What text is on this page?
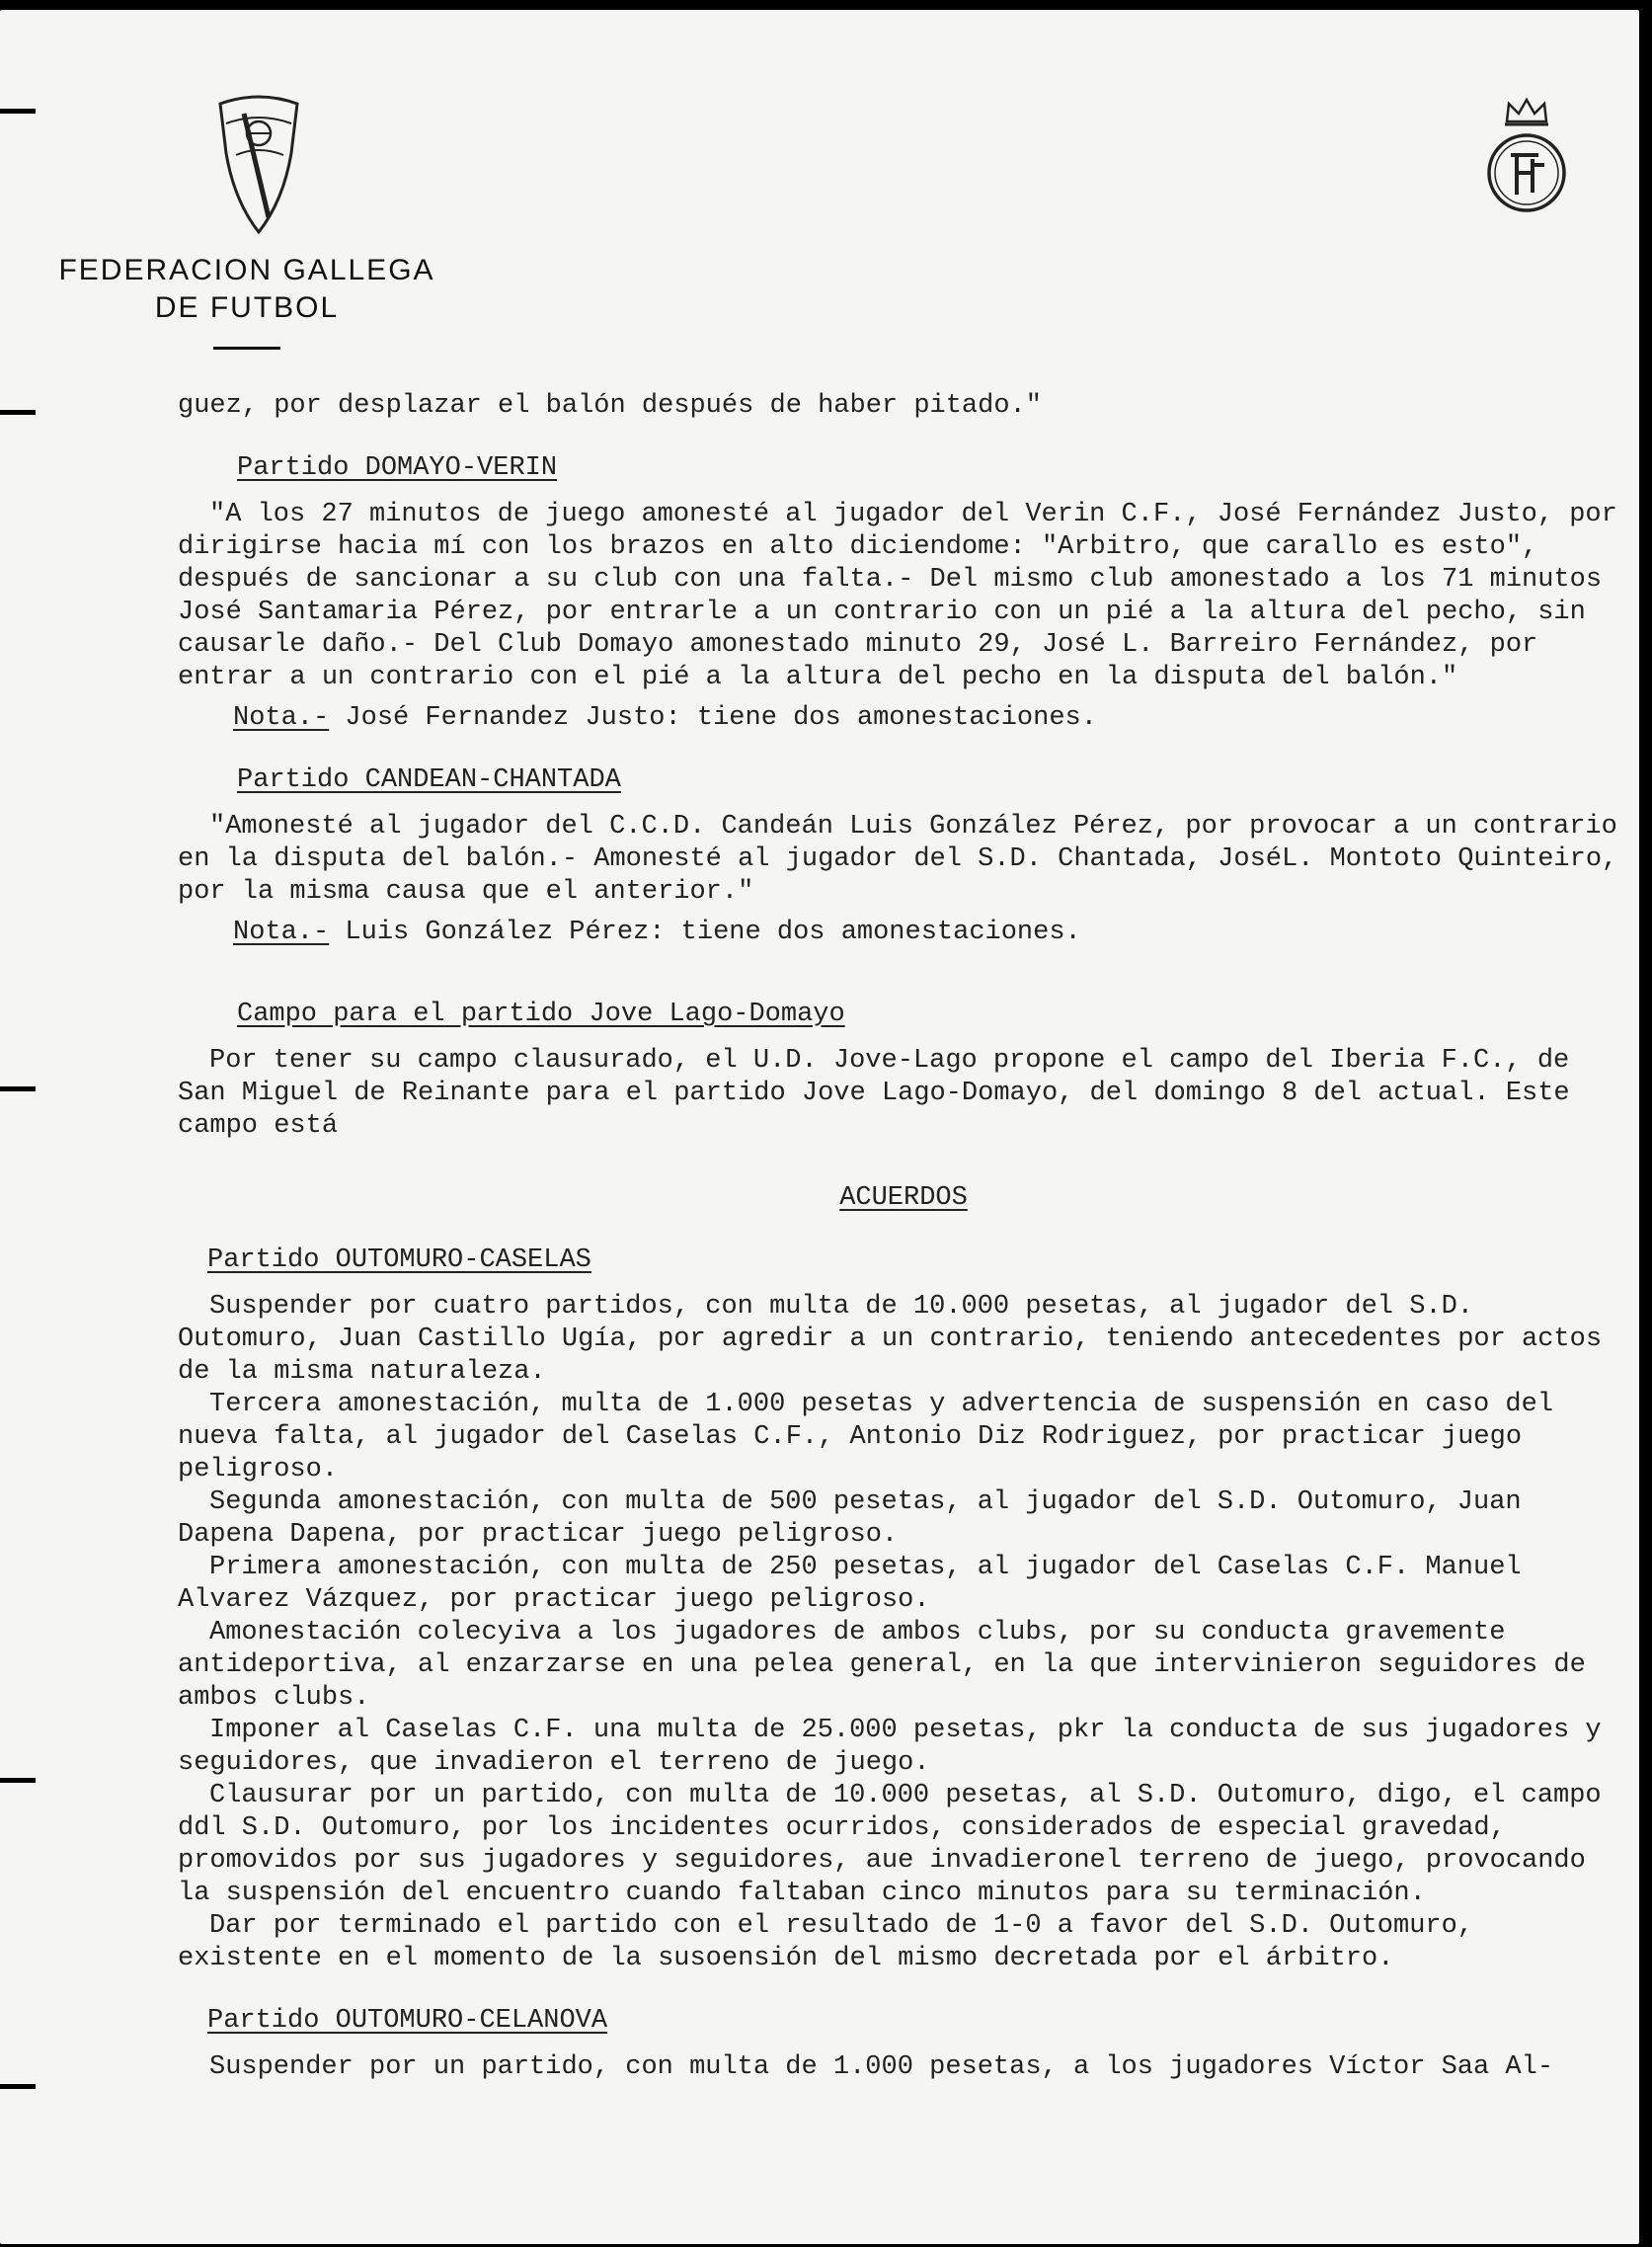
FEDERACION GALLEGA
DE FUTBOL

guez, por desplazar el balón después de haber pitado."

Partido DOMAYO-VERIN

"A los 27 minutos de juego amonesté al jugador del Verin C.F., José Fernández Justo, por dirigirse hacia mí con los brazos en alto diciendome: "Arbitro, que carallo es esto", después de sancionar a su club con una falta.- Del mismo club amonestado a los 71 minutos José Santamaria Pérez, por entrarle a un contrario con un pié a la altura del pecho, sin causarle daño.- Del Club Domayo amonestado minuto 29, José L. Barreiro Fernández, por entrar a un contrario con el pié a la altura del pecho en la disputa del balón."

Nota.- José Fernandez Justo: tiene dos amonestaciones.
Partido CANDEAN-CHANTADA

"Amonesté al jugador del C.C.D. Candeán Luis González Pérez, por provocar a un contrario en la disputa del balón.- Amonesté al jugador del S.D. Chantada, JoséL. Montoto Quinteiro, por la misma causa que el anterior."

Nota.- Luis González Pérez: tiene dos amonestaciones.
Campo para el partido Jove Lago-Domayo

Por tener su campo clausurado, el U.D. Jove-Lago propone el campo del Iberia F.C., de San Miguel de Reinante para el partido Jove Lago-Domayo, del domingo 8 del actual. Este campo está

ACUERDOS
Partido OUTOMURO-CASELAS

Suspender por cuatro partidos, con multa de 10.000 pesetas, al jugador del S.D. Outomuro, Juan Castillo Ugía, por agredir a un contrario, teniendo antecedentes por actos de la misma naturaleza.

Tercera amonestación, multa de 1.000 pesetas y advertencia de suspensión en caso del nueva falta, al jugador del Caselas C.F., Antonio Diz Rodriguez, por practicar juego peligroso.

Segunda amonestación, con multa de 500 pesetas, al jugador del S.D. Outomuro, Juan Dapena Dapena, por practicar juego peligroso.

Primera amonestación, con multa de 250 pesetas, al jugador del Caselas C.F. Manuel Alvarez Vázquez, por practicar juego peligroso.

Amonestación colecyiva a los jugadores de ambos clubs, por su conducta gravemente antideportiva, al enzarzarse en una pelea general, en la que intervinieron seguidores de ambos clubs.

Imponer al Caselas C.F. una multa de 25.000 pesetas, pkr la conducta de sus jugadores y seguidores, que invadieron el terreno de juego.

Clausurar por un partido, con multa de 10.000 pesetas, al S.D. Outomuro, digo, el campo ddl S.D. Outomuro, por los incidentes ocurridos, considerados de especial gravedad, promovidos por sus jugadores y seguidores, aue invadieronel terreno de juego, provocando la suspensión del encuentro cuando faltaban cinco minutos para su terminación.

Dar por terminado el partido con el resultado de 1-0 a favor del S.D. Outomuro, existente en el momento de la susoensión del mismo decretada por el árbitro.

Partido OUTOMURO-CELANOVA

Suspender por un partido, con multa de 1.000 pesetas, a los jugadores Víctor Saa Al-
